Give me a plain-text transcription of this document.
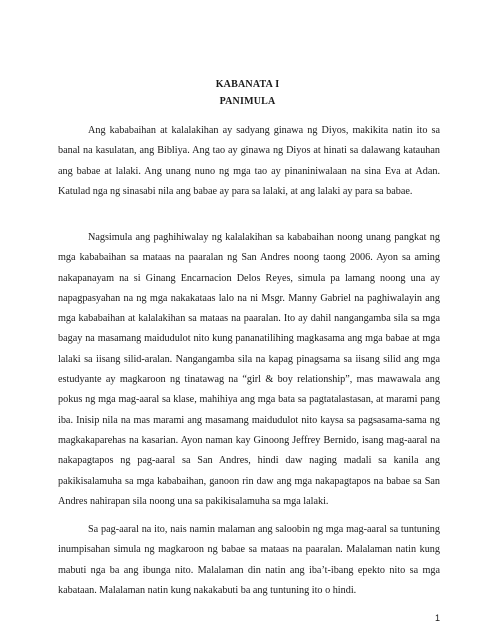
KABANATA I
PANIMULA

Ang kababaihan at kalalakihan ay sadyang ginawa ng Diyos, makikita natin ito sa banal na kasulatan, ang Bibliya. Ang tao ay ginawa ng Diyos at hinati sa dalawang katauhan ang babae at lalaki. Ang unang nuno ng mga tao ay pinaniniwalaan na sina Eva at Adan. Katulad nga ng sinasabi nila ang babae ay para sa lalaki, at ang lalaki ay para sa babae.

Nagsimula ang paghihiwalay ng kalalakihan sa kababaihan noong unang pangkat ng mga kababaihan sa mataas na paaralan ng San Andres noong taong 2006. Ayon sa aming nakapanayam na si Ginang Encarnacion Delos Reyes, simula pa lamang noong una ay napagpasyahan na ng mga nakakataas lalo na ni Msgr. Manny Gabriel na paghiwalayin ang mga kababaihan at kalalakihan sa mataas na paaralan. Ito ay dahil nangangamba sila sa mga bagay na masamang maidudulot nito kung pananatilihing magkasama ang mga babae at mga lalaki sa iisang silid-aralan. Nangangamba sila na kapag pinagsama sa iisang silid ang mga estudyante ay magkaroon ng tinatawag na “girl & boy relationship”, mas mawawala ang pokus ng mga mag-aaral sa klase, mahihiya ang mga bata sa pagtatalastasan, at marami pang iba. Inisip nila na mas marami ang masamang maidudulot nito kaysa sa pagsasama-sama ng magkakaparehas na kasarian. Ayon naman kay Ginoong Jeffrey Bernido, isang mag-aaral na nakapagtapos ng pag-aaral sa San Andres, hindi daw naging madali sa kanila ang pakikisalamuha sa mga kababaihan, ganoon rin daw ang mga nakapagtapos na babae sa San Andres nahirapan sila noong una sa pakikisalamuha sa mga lalaki.

Sa pag-aaral na ito, nais namin malaman ang saloobin ng mga mag-aaral sa tuntuning inumpisahan simula ng magkaroon ng babae sa mataas na paaralan. Malalaman natin kung mabuti nga ba ang ibunga nito. Malalaman din natin ang iba’t-ibang epekto nito sa mga kabataan. Malalaman natin kung nakakabuti ba ang tuntuning ito o hindi.

1
